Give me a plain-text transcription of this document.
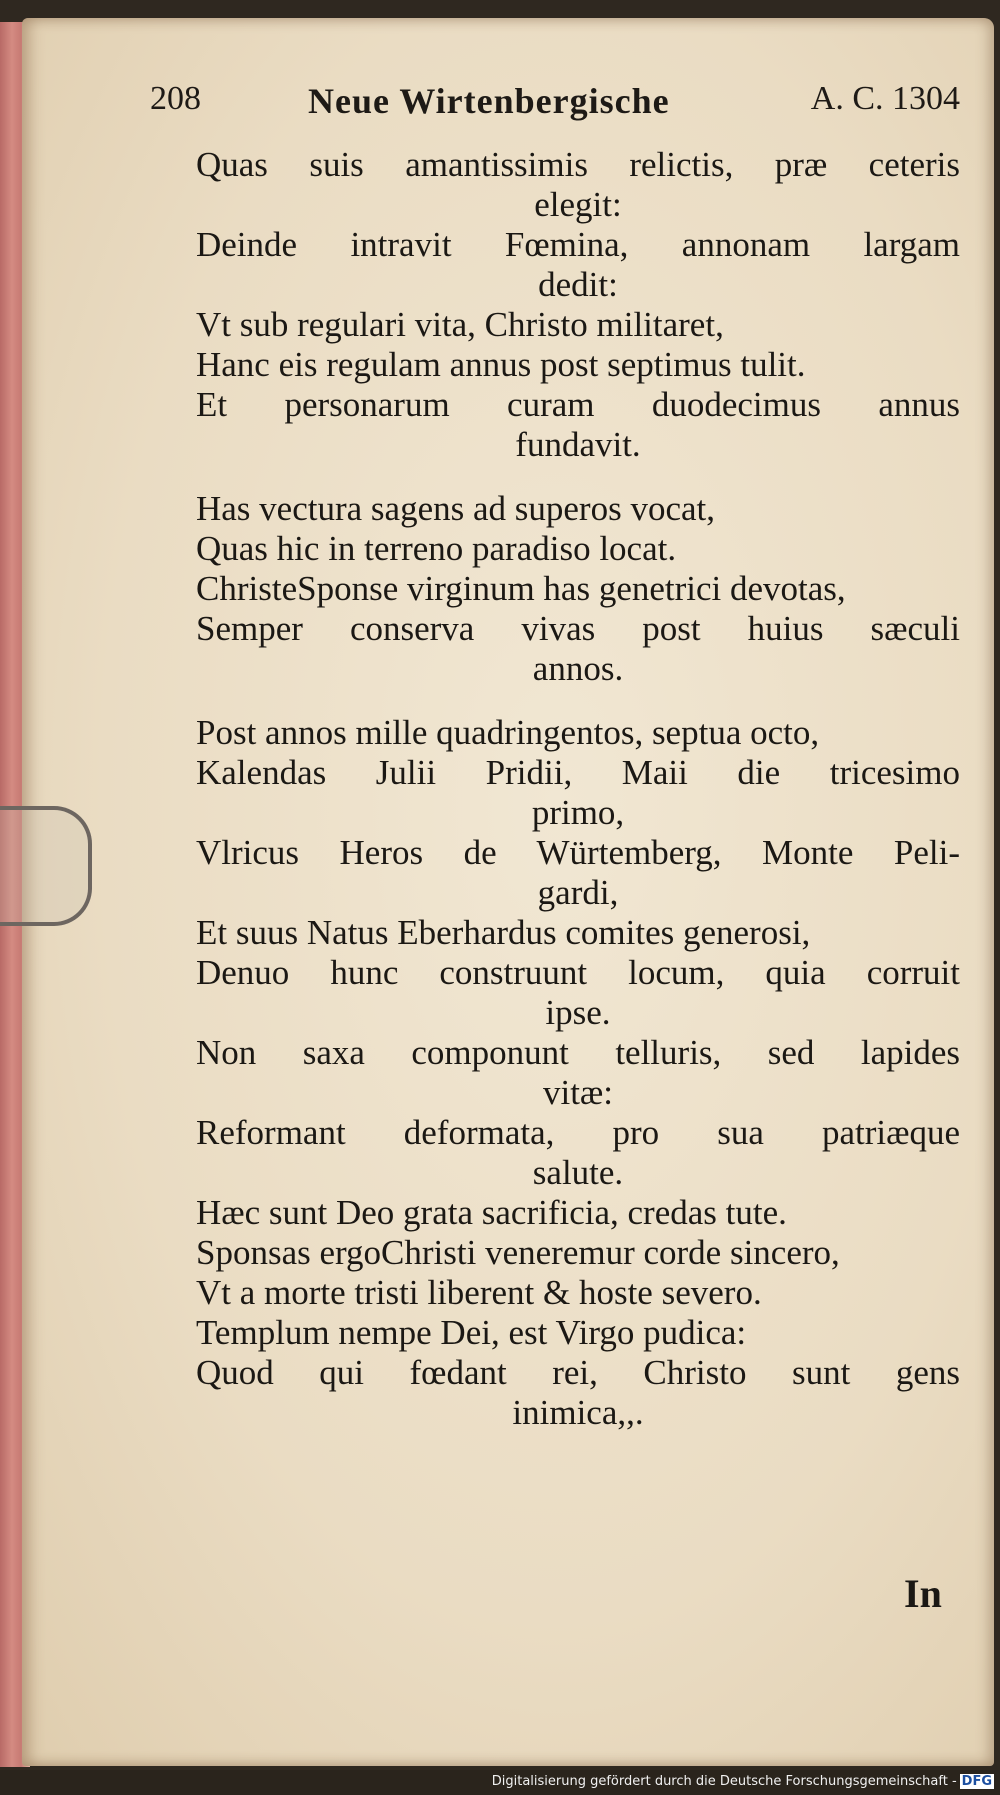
208	Neue Wirtenbergische	A. C. 1304
Quas suis amantissimis relictis, præ ceteris
elegit:
Deinde intravit Fœmina, annonam largam
dedit:
Vt sub regulari vita, Christo militaret,
Hanc eis regulam annus post septimus tulit.
Et personarum curam duodecimus annus
fundavit.
Has vectura sagens ad superos vocat,
Quas hic in terreno paradiso locat.
ChristeSponse virginum has genetrici devotas,
Semper conserva vivas post huius sæculi
annos.
Post annos mille quadringentos, septua octo,
Kalendas Julii Pridii, Maii die tricesimo
primo,
Vlricus Heros de Würtemberg, Monte Peli-
gardi,
Et suus Natus Eberhardus comites generosi,
Denuo hunc construunt locum, quia corruit
ipse.
Non saxa componunt telluris, sed lapides
vitæ:
Reformant deformata, pro sua patriæque
salute.
Hæc sunt Deo grata sacrificia, credas tute.
Sponsas ergoChristi veneremur corde sincero,
Vt a morte tristi liberent & hoste severo.
Templum nempe Dei, est Virgo pudica:
Quod qui fœdant rei, Christo sunt gens
inimica,,.
In
Digitalisierung gefördert durch die Deutsche Forschungsgemeinschaft - DFG
